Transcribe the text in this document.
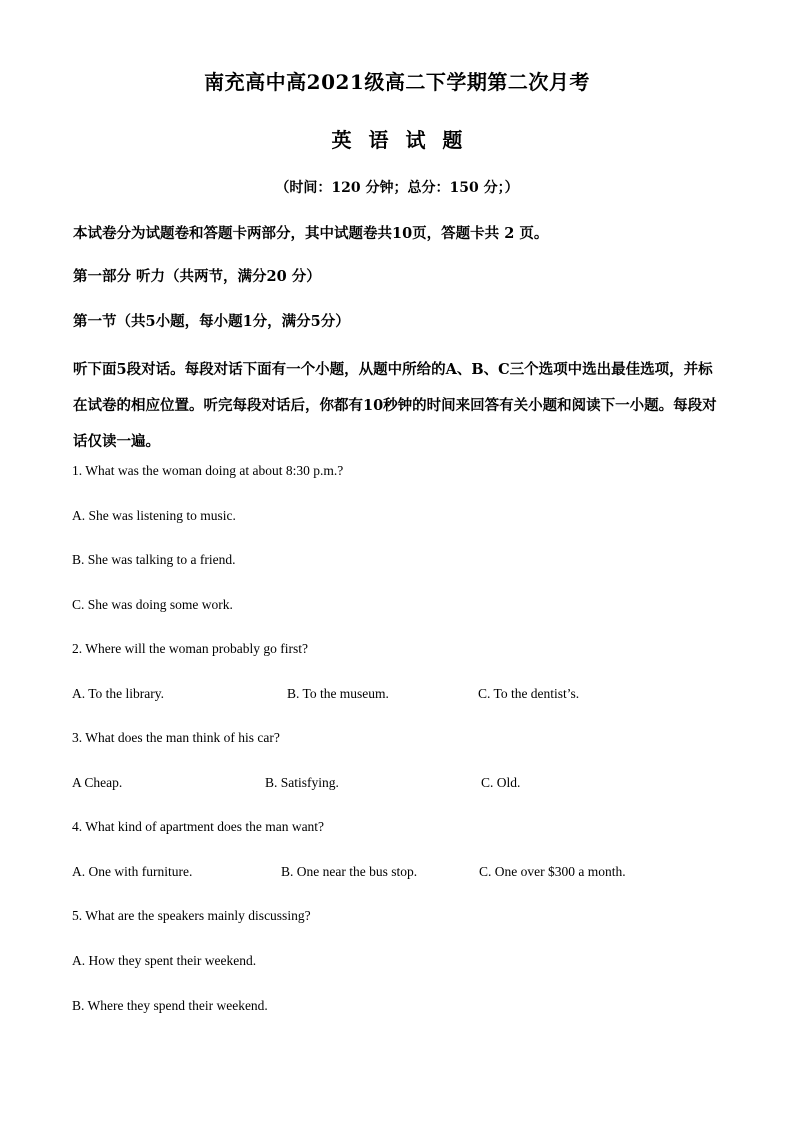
南充高中高2021级高二下学期第二次月考
英 语 试 题
（时间：120 分钟；总分：150 分；）
本试卷分为试题卷和答题卡两部分，其中试题卷共10页，答题卡共 2 页。
第一部分 听力（共两节，满分20 分）
第一节（共5小题，每小题1分，满分5分）
听下面5段对话。每段对话下面有一个小题，从题中所给的A、B、C三个选项中选出最佳选项，并标在试卷的相应位置。听完每段对话后，你都有10秒钟的时间来回答有关小题和阅读下一小题。每段对话仅读一遍。
1. What was the woman doing at about 8:30 p.m.?
A. She was listening to music.
B. She was talking to a friend.
C. She was doing some work.
2. Where will the woman probably go first?
A. To the library.	B. To the museum.	C. To the dentist’s.
3. What does the man think of his car?
A Cheap.	B. Satisfying.	C. Old.
4. What kind of apartment does the man want?
A. One with furniture.	B. One near the bus stop.	C. One over $300 a month.
5. What are the speakers mainly discussing?
A. How they spent their weekend.
B. Where they spend their weekend.
